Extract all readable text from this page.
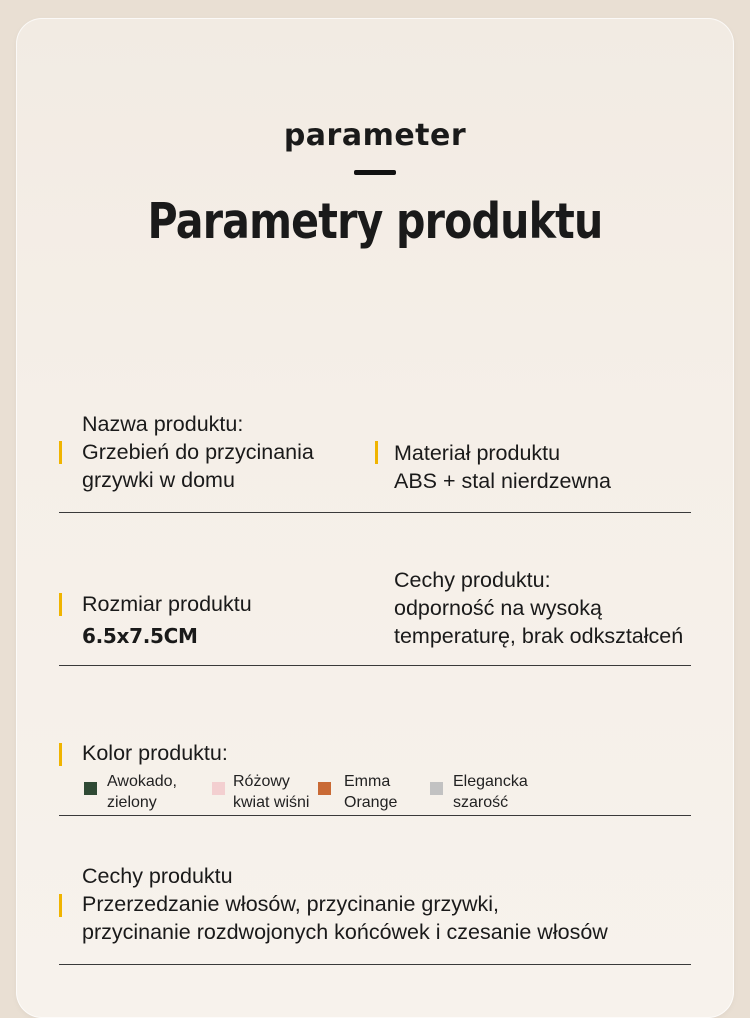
parameter
Parametry produktu
Nazwa produktu:
Grzebień do przycinania
grzywki w domu
Materiał produktu
ABS + stal nierdzewna
Rozmiar produktu
6.5x7.5CM
Cechy produktu:
odporność na wysoką
temperaturę, brak odkształceń
Kolor produktu:
Awokado,
zielony
Różowy
kwiat wiśni
Emma
Orange
Elegancka
szarość
Cechy produktu
Przerzedzanie włosów, przycinanie grzywki,
przycinanie rozdwojonych końcówek i czesanie włosów
